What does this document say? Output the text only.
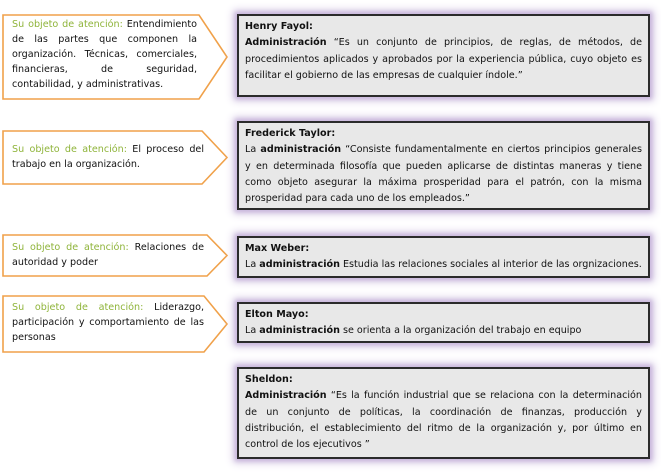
Su objeto de atención: Entendimiento de las partes que componen la organización. Técnicas, comerciales, financieras, de seguridad, contabilidad, y administrativas.
Su objeto de atención: El proceso del trabajo en la organización.
Su objeto de atención: Relaciones de autoridad y poder
Su objeto de atención: Liderazgo, participación y comportamiento de las personas
Henry Fayol:
Administración “Es un conjunto de principios, de reglas, de métodos, de procedimientos aplicados y aprobados por la experiencia pública, cuyo objeto es facilitar el gobierno de las empresas de cualquier índole.”
Frederick Taylor:
La administración “Consiste fundamentalmente en ciertos principios generales y en determinada filosofía que pueden aplicarse de distintas maneras y tiene como objeto asegurar la máxima prosperidad para el patrón, con la misma prosperidad para cada uno de los empleados.”
Max Weber:
La administración Estudia las relaciones sociales al interior de las orgnizaciones.
Elton Mayo:
La administración se orienta a la organización del trabajo en equipo
Sheldon:
Administración “Es la función industrial que se relaciona con la determinación de un conjunto de políticas, la coordinación de finanzas, producción y distribución, el establecimiento del ritmo de la organización y, por último en control de los ejecutivos ”
